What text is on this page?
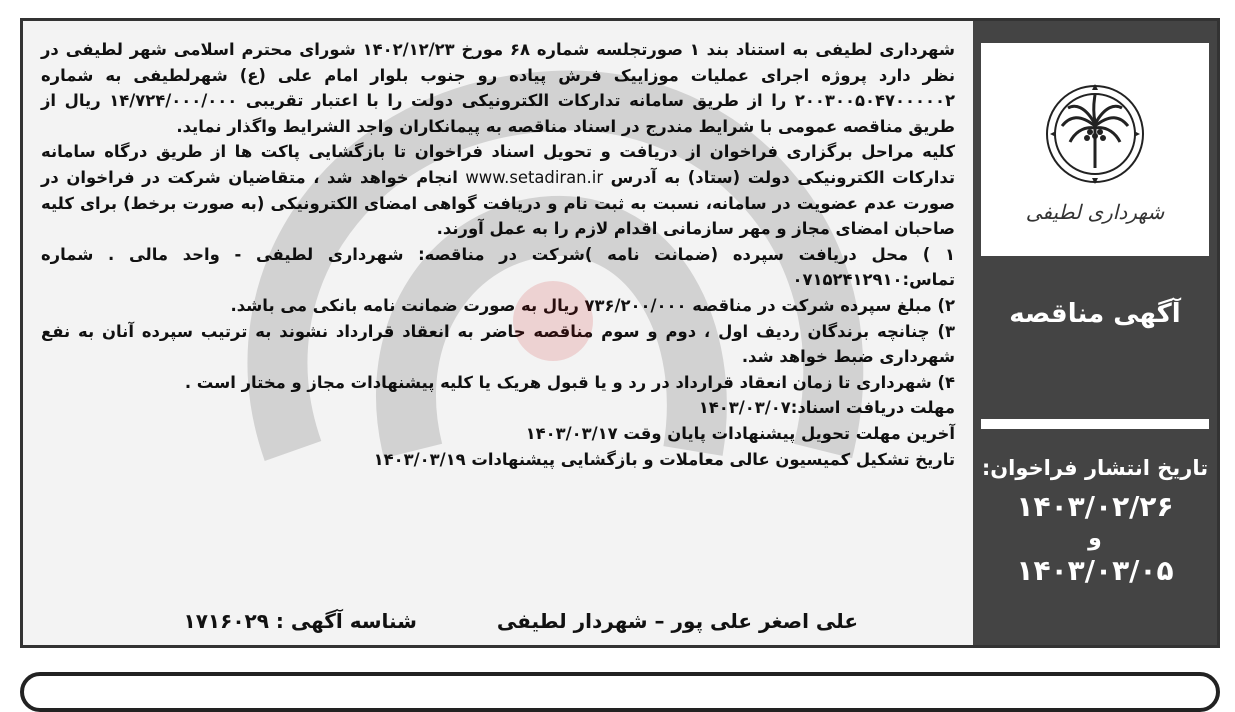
شهرداری لطیفی
آگهی مناقصه
تاریخ انتشار فراخوان:
۱۴۰۳/۰۲/۲۶
و
۱۴۰۳/۰۳/۰۵

شهرداری لطیفی به استناد بند ۱ صورتجلسه شماره ۶۸ مورخ ۱۴۰۲/۱۲/۲۳ شورای محترم اسلامی شهر لطیفی در نظر دارد پروژه اجرای عملیات موزاییک فرش پیاده رو جنوب بلوار امام علی (ع) شهرلطیفی به شماره ۲۰۰۳۰۰۵۰۴۷۰۰۰۰۰۲ را از طریق سامانه تدارکات الکترونیکی دولت را با اعتبار تقریبی ۱۴/۷۲۴/۰۰۰/۰۰۰ ریال از طریق مناقصه عمومی با شرایط مندرج در اسناد مناقصه به پیمانکاران واجد الشرایط واگذار نماید.

کلیه مراحل برگزاری فراخوان از دریافت و تحویل اسناد فراخوان تا بازگشایی پاکت ها از طریق درگاه سامانه تدارکات الکترونیکی دولت (ستاد) به آدرس www.setadiran.ir انجام خواهد شد ، متقاضیان شرکت در فراخوان در صورت عدم عضویت در سامانه، نسبت به ثبت نام و دریافت گواهی امضای الکترونیکی (به صورت برخط) برای کلیه صاحبان امضای مجاز و مهر سازمانی اقدام لازم را به عمل آورند.

۱ ) محل دریافت سپرده (ضمانت نامه )شرکت در مناقصه: شهرداری لطیفی - واحد مالی . شماره تماس:۰۷۱۵۲۴۱۲۹۱۰

۲) مبلغ سپرده شرکت در مناقصه ۷۳۶/۲۰۰/۰۰۰ ریال به صورت ضمانت نامه بانکی می باشد.

۳) چنانچه برندگان ردیف اول ، دوم و سوم مناقصه حاضر به انعقاد قرارداد نشوند به ترتیب سپرده آنان به نفع شهرداری ضبط خواهد شد.

۴) شهرداری تا زمان انعقاد قرارداد در رد و یا قبول هریک یا کلیه پیشنهادات مجاز و مختار است .

مهلت دریافت اسناد:۱۴۰۳/۰۳/۰۷

آخرین مهلت تحویل پیشنهادات پایان وقت ۱۴۰۳/۰۳/۱۷

تاریخ تشکیل کمیسیون عالی معاملات و بازگشایی پیشنهادات ۱۴۰۳/۰۳/۱۹

علی اصغر علی پور – شهردار لطیفی
شناسه آگهی : ۱۷۱۶۰۲۹
